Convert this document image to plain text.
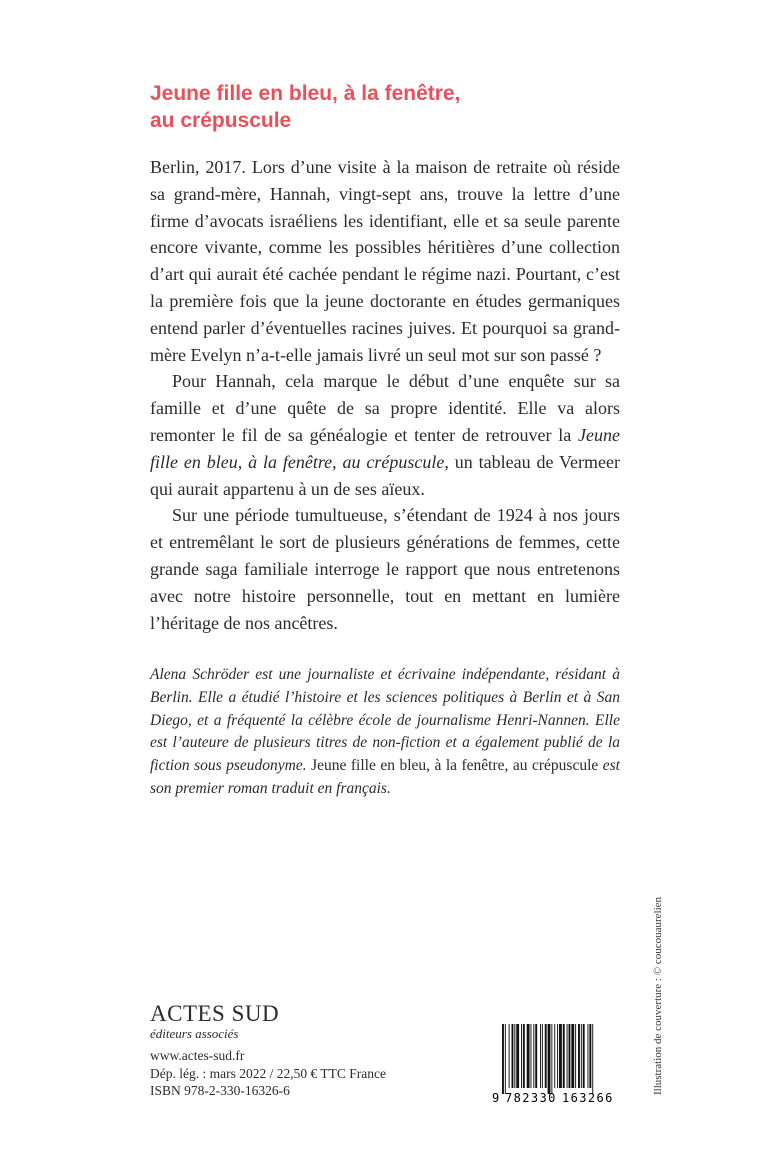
Jeune fille en bleu, à la fenêtre,
au crépuscule

Berlin, 2017. Lors d’une visite à la maison de retraite où réside sa grand-mère, Hannah, vingt-sept ans, trouve la lettre d’une firme d’avocats israéliens les identifiant, elle et sa seule parente encore vivante, comme les possibles héritières d’une collection d’art qui aurait été cachée pendant le régime nazi. Pourtant, c’est la première fois que la jeune doctorante en études germaniques entend parler d’éventuelles racines juives. Et pourquoi sa grand-mère Evelyn n’a-t-elle jamais livré un seul mot sur son passé ?

Pour Hannah, cela marque le début d’une enquête sur sa famille et d’une quête de sa propre identité. Elle va alors remonter le fil de sa généalogie et tenter de retrouver la Jeune fille en bleu, à la fenêtre, au crépuscule, un tableau de Vermeer qui aurait appartenu à un de ses aïeux.

Sur une période tumultueuse, s’étendant de 1924 à nos jours et entremêlant le sort de plusieurs générations de femmes, cette grande saga familiale interroge le rapport que nous entretenons avec notre histoire personnelle, tout en mettant en lumière l’héritage de nos ancêtres.

Alena Schröder est une journaliste et écrivaine indépendante, résidant à Berlin. Elle a étudié l’histoire et les sciences politiques à Berlin et à San Diego, et a fréquenté la célèbre école de journalisme Henri-Nannen. Elle est l’auteure de plusieurs titres de non-fiction et a également publié de la fiction sous pseudonyme. Jeune fille en bleu, à la fenêtre, au crépuscule est son premier roman traduit en français.

ACTES SUD
éditeurs associés
www.actes-sud.fr
Dép. lég. : mars 2022 / 22,50 € TTC France
ISBN 978-2-330-16326-6	9 782330 163266
Illustration de couverture : © coucouaurelien
